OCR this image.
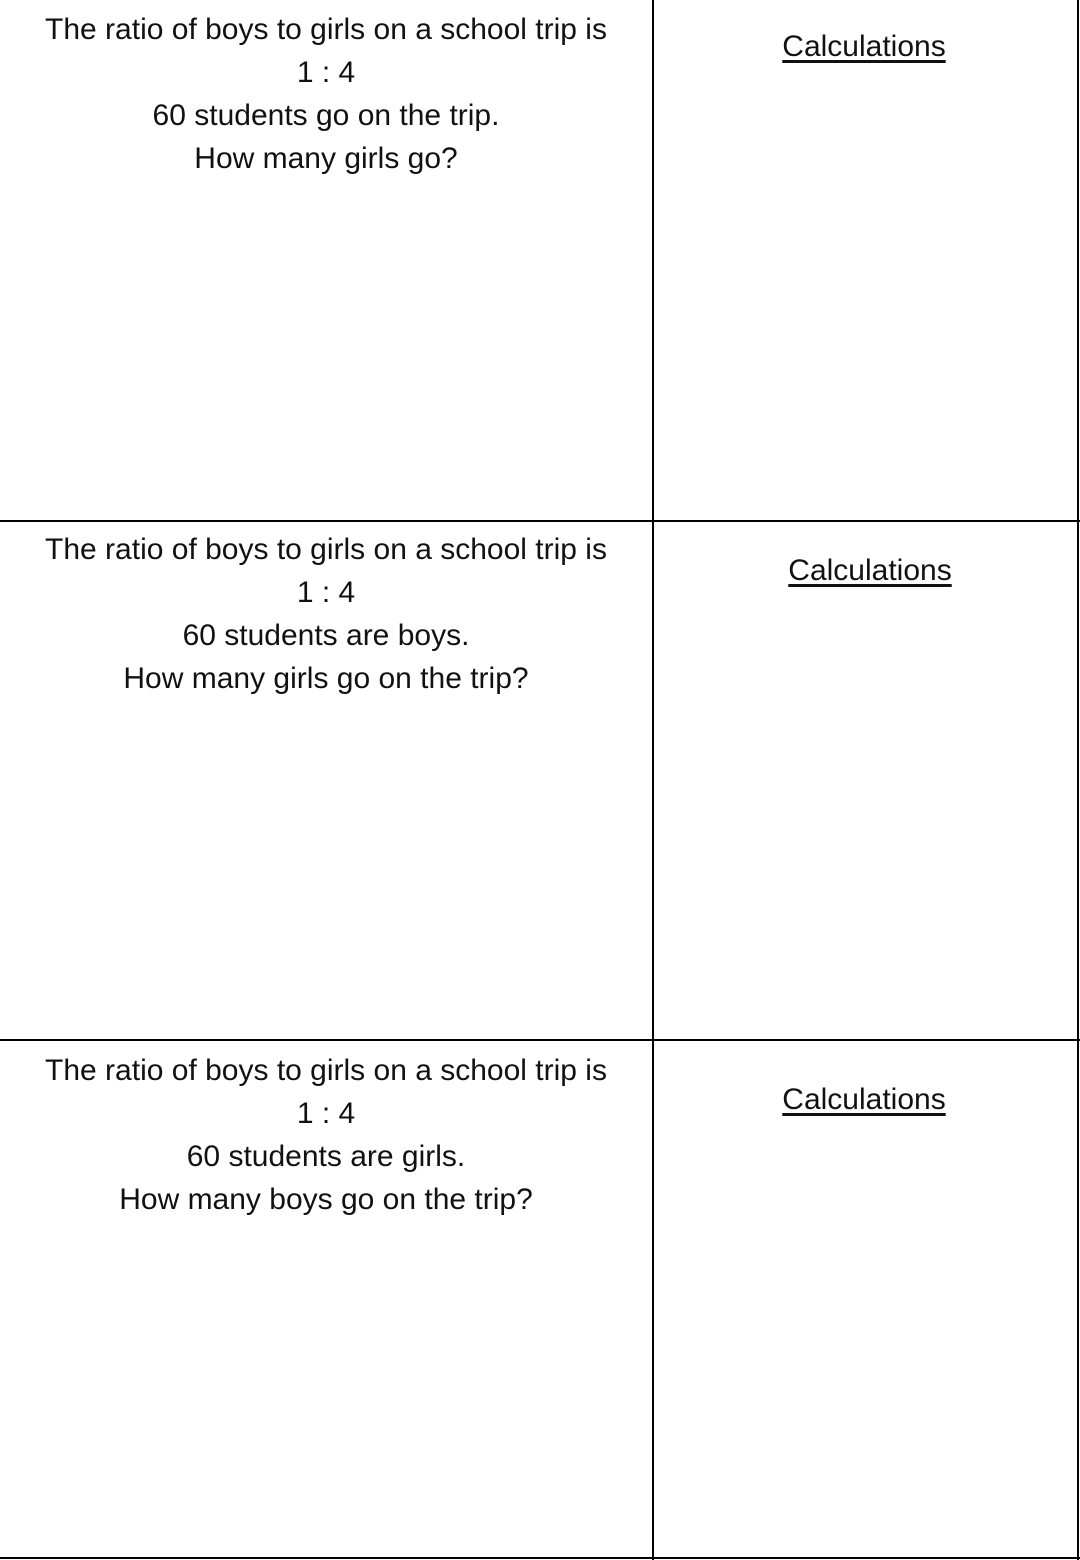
The ratio of boys to girls on a school trip is
1 : 4
60 students go on the trip.
How many girls go?
Calculations
The ratio of boys to girls on a school trip is
1 : 4
60 students are boys.
How many girls go on the trip?
Calculations
The ratio of boys to girls on a school trip is
1 : 4
60 students are girls.
How many boys go on the trip?
Calculations
